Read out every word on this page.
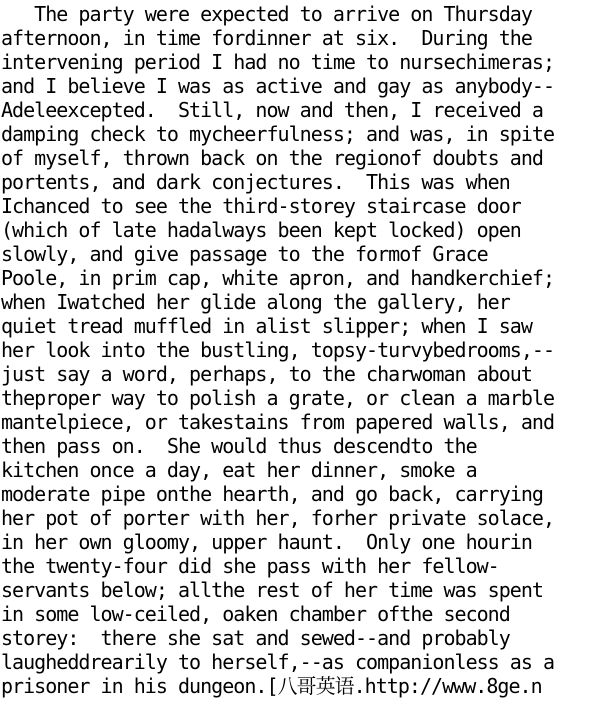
The party were expected to arrive on Thursday
afternoon, in time fordinner at six.  During the
intervening period I had no time to nursechimeras;
and I believe I was as active and gay as anybody--
Adeleexcepted.  Still, now and then, I received a
damping check to mycheerfulness; and was, in spite
of myself, thrown back on the regionof doubts and
portents, and dark conjectures.  This was when
Ichanced to see the third-storey staircase door
(which of late hadalways been kept locked) open
slowly, and give passage to the formof Grace
Poole, in prim cap, white apron, and handkerchief;
when Iwatched her glide along the gallery, her
quiet tread muffled in alist slipper; when I saw
her look into the bustling, topsy-turvybedrooms,--
just say a word, perhaps, to the charwoman about
theproper way to polish a grate, or clean a marble
mantelpiece, or takestains from papered walls, and
then pass on.  She would thus descendto the
kitchen once a day, eat her dinner, smoke a
moderate pipe onthe hearth, and go back, carrying
her pot of porter with her, forher private solace,
in her own gloomy, upper haunt.  Only one hourin
the twenty-four did she pass with her fellow-
servants below; allthe rest of her time was spent
in some low-ceiled, oaken chamber ofthe second
storey:  there she sat and sewed--and probably
laugheddrearily to herself,--as companionless as a
prisoner in his dungeon.[八哥英语.http://www.8ge.n
